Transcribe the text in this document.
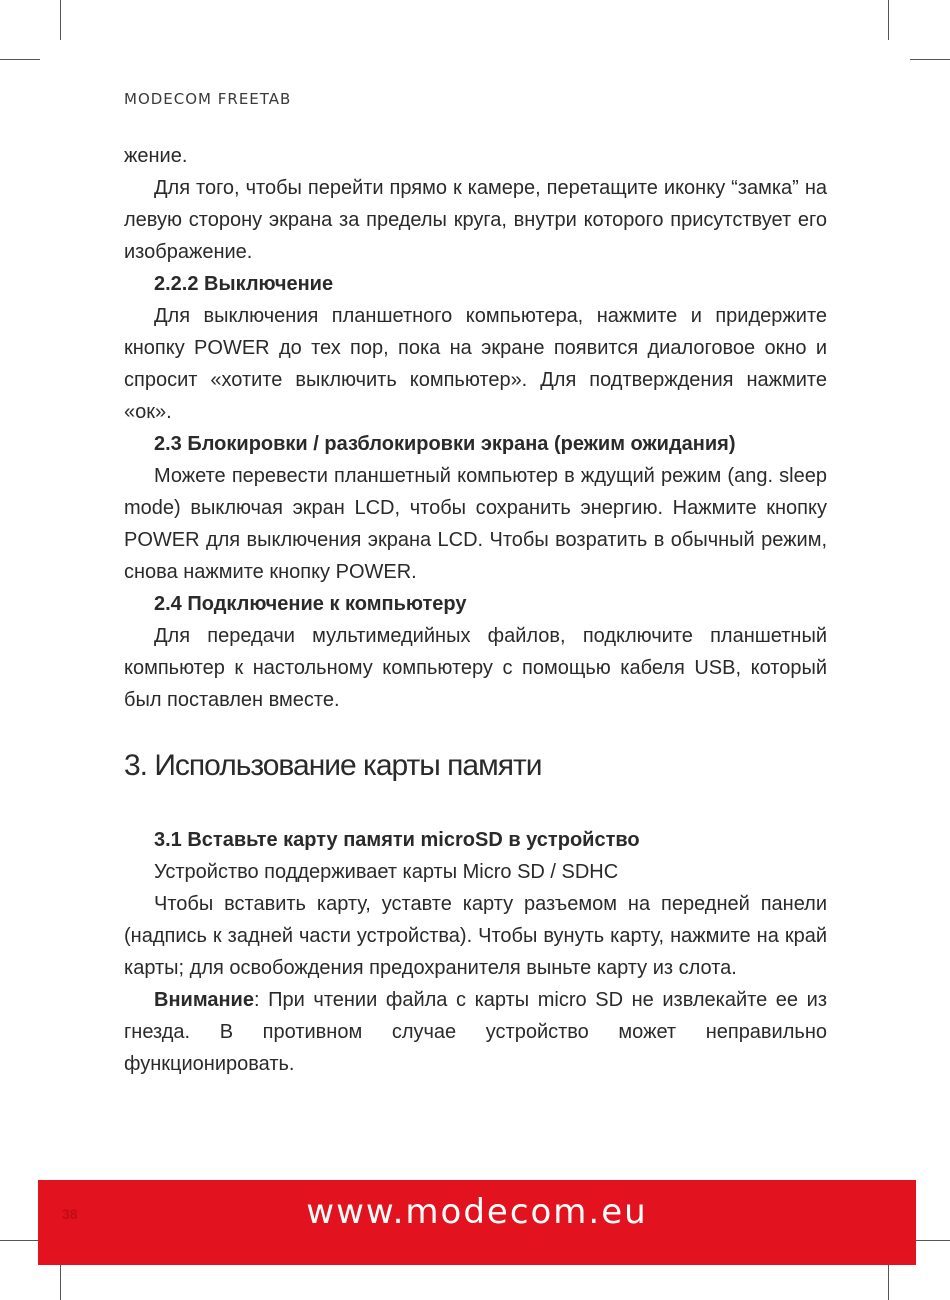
MODECOM FREETAB

жение.

Для того, чтобы перейти прямо к камере, перетащите иконку “замка” на левую сторону экрана за пределы круга, внутри которого присутствует его изображение.

2.2.2 Выключение

Для выключения планшетного компьютера, нажмите и придержите кнопку POWER до тех пор, пока на экране появится диалоговое окно и спросит «хотите выключить компьютер». Для подтверждения нажмите «ок».

2.3 Блокировки / разблокировки экрана (режим ожидания)

Можете перевести планшетный компьютер в ждущий режим (ang. sleep mode) выключая экран LCD, чтобы сохранить энергию. Нажмите кнопку POWER для выключения экрана LCD. Чтобы возратить в обычный режим, снова нажмите кнопку POWER.

2.4 Подключение к компьютеру

Для передачи мультимедийных файлов, подключите планшетный компьютер к настольному компьютеру с помощью кабеля USB, который был поставлен вместе.

3. Использование карты памяти

3.1 Вставьте карту памяти microSD в устройство

Устройство поддерживает карты Micro SD / SDHC

Чтобы вставить карту, уставте карту разъемом на передней панели (надпись к задней части устройства). Чтобы вунуть карту, нажмите на край карты; для освобождения предохранителя выньте карту из слота.

Внимание: При чтении файла с карты micro SD не извлекайте ее из гнезда. В противном случае устройство может неправильно функционировать.

38	www.modecom.eu
